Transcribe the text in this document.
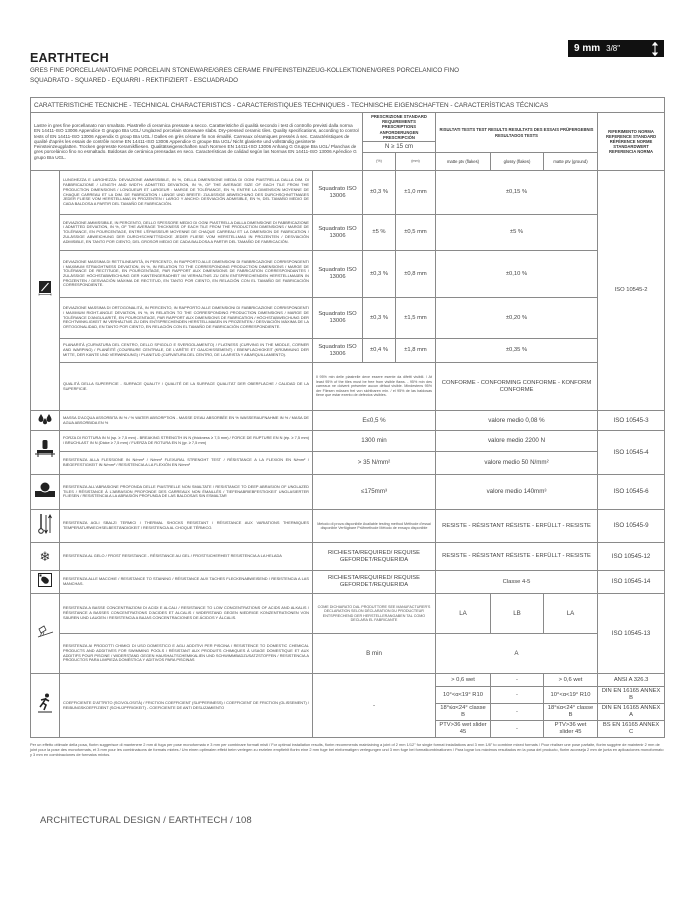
EARTHTECH
GRES FINE PORCELLANATO/FINE PORCELAIN STONEWARE/GRES CERAME FIN/FEINSTEINZEUG-KOLLEKTIONEN/GRES PORCELANICO FINO
SQUADRATO - SQUARED - EQUARRI - REKTIFIZIERT - ESCUADRADO
9 mm 3/8"
CARATTERISTICHE TECNICHE - TECHNICAL CHARACTERISTICS - CARACTERISTIQUES TECHNIQUES - TECHNISCHE EIGENSCHAFTEN - CARACTERÍSTICAS TÉCNICAS								
Lastre in gres fine porcellanato non smaltato. Piastrelle di ceramica pressate a secco. Caratteristiche di qualità secondo i test di controllo previsti dalla norma EN 14411-ISO 13006 Appendice G gruppo BIa UGL/ Unglazed porcelain stoneware slabs. Dry-pressed ceramic tiles. Quality specifications, according to control tests of EN 14411-ISO 13006 Appendix G group BIa UGL / Dalles en grès cérame fin non émaillé. Carreaux céramiques pressés à sec. Caractéristiques de qualité d'après les essais de contrôle norme EN 14411-ISO 13006 Appendice G groupe BIa UGL/ Nicht glasierte und vollständig gesinterte Feinsteinzeugplatten. Trocken gepresste Keramikfliesen. Qualitätseigenschaften nach Normen EN 14411-ISO 13006 Anhang G Gruppe BIa UGL/ Planchas de gres porcelánico fino no esmaltado. Baldosas de cerámica prensadas en seco. Características de calidad según las Normas EN 14411-ISO 13006 Apéndice G grupo BIa UGL.			PRESCRIZIONE STANDARD REQUIREMENTS PRESCRIPTIONS ANFORDERUNGEN PRESCRIPCIÓN		RISULTATI TESTS TEST RESULTS RESULTATS DES ESSAIS PRÜFERGEBNIS RESULTADOS TESTS			RIFERIMENTO NORMA REFERENCE STANDARD RÉFÉRENCE NORME STANDARDWERT REFERENCIA NORMA
			N ≥ 15 cm					
			(%)	(mm)	matte ptv (flakes)	glossy (flakes)	matte ptv (ground)	
	LUNGHEZZA E LARGHEZZA: DEVIAZIONE AMMISSIBILE, IN %, DELLA DIMENSIONE MEDIA DI OGNI PIASTRELLA DALLA DIM. DI FABBRICAZIONE / LENGTH AND WIDTH: ADMITTED DEVIATION, IN %, OF THE AVERAGE SIZE OF EACH TILE FROM THE PRODUCTION DIMENSIONS / LONGUEUR ET LARGEUR : MARGE DE TOLÉRANCE, EN %, ENTRE LA DIMENSION MOYENNE DE CHAQUE CARREAU ET LA DIM. DE FABRICATION / LÄNGE UND BREITE: ZULÄSSIGE ABWEICHUNG DES DURCHSCHNITTMAßES JEDER FLIESE VOM HERSTELLMAß IN PROZENTEN / LARGO Y ANCHO: DESVIACIÓN ADMISIBLE, EN %, DEL TAMAÑO MEDIO DE CADA BALDOSA A PARTIR DEL TAMAÑO DE FABRICACIÓN.	Squadrato ISO 13006	±0,3 %	±1,0 mm	±0,15 %			ISO 10545-2
	DEVIAZIONE AMMISSIBILE, IN PERCENTO, DELLO SPESSORE MEDIO DI OGNI PIASTRELLA DALLA DIMENSIONE DI FABBRICAZIONE / ADMITTED DEVIATION, IN %, OF THE AVERAGE THICKNESS OF EACH TILE FROM THE PRODUCTION DIMENSIONS / MARGE DE TOLÉRANCE, EN POURCENTAGE, ENTRE L'ÉPAISSEUR MOYENNE DE CHAQUE CARREAU ET LA DIMENSION DE FABRICATION / ZULÄSSIGE ABWEICHUNG DER DURCHSCHNITTSDICKE JEDER FLIESE VOM HERSTELLMAß IN PROZENTEN / DESVIACIÓN ADMISIBLE, EN TANTO POR CIENTO, DEL GROSOR MEDIO DE CADA BALDOSA A PARTIR DEL TAMAÑO DE FABRICACIÓN.	Squadrato ISO 13006	±5 %	±0,5 mm	±5 %			
	DEVIAZIONE MASSIMA DI RETTILINEARITÀ, IN PERCENTO, IN RAPPORTO ALLE DIMENSIONI DI FABBRICAZIONE CORRISPONDENTI / MAXIMUM STRAIGHTNESS DEVIATION, IN %, IN RELATION TO THE CORRESPONDING PRODUCTION DIMENSIONS / MARGE DE TOLÉRANCE DE RECTITUDE, EN POURCENTAGE, PAR RAPPORT AUX DIMENSIONS DE FABRICATION CORRESPONDANTES / ZULÄSSIGE HÖCHSTABWEICHUNG DER KANTENGERADHEIT IM VERHÄLTNIS ZU DEN ENTSPRECHENDEN HERSTELLMAßEN IN PROZENTEN / DESVIACIÓN MÁXIMA DE RECTITUD, EN TANTO POR CIENTO, EN RELACIÓN CON EL TAMAÑO DE FABRICACIÓN CORRESPONDIENTE.	Squadrato ISO 13006	±0,3 %	±0,8 mm	±0,10 %			
	DEVIAZIONE MASSIMA DI ORTOGONALITÀ, IN PERCENTO, IN RAPPORTO ALLE DIMENSIONI DI FABBRICAZIONE CORRISPONDENTI / MAXIMUM RIGHT-ANGLE DEVIATION, IN %, IN RELATION TO THE CORRESPONDING PRODUCTION DIMENSIONS / MARGE DE TOLÉRANCE D'ANGULARITÉ, EN POURCENTAGE, PAR RAPPORT AUX DIMENSIONS DE FABRICATION / HÖCHSTABWEICHUNG DER RECHTWINKLIGKEIT IM VERHÄLTNIS ZU DEN ENTSPRECHENDEN HERSTELLMAßEN IN PROZENTEN / DESVIACIÓN MÁXIMA DE LA ORTOGONALIDAD, EN TANTO POR CIENTO, EN RELACIÓN CON EL TAMAÑO DE FABRICACIÓN CORRESPONDIENTE.	Squadrato ISO 13006	±0,3 %	±1,5 mm	±0,20 %			
	PLANARITÀ (CURVATURA DEL CENTRO, DELLO SPIGOLO E SVERGOLAMENTO) / FLATNESS (CURVING IN THE MIDDLE, CORNER AND WARPING) / PLANÉITÉ (COURBURE CENTRALE, DE L'ARÊTE ET GAUCHISSEMENT) / EBENFLÄCHIGKEIT (KRÜMMUNG DER MITTE, DER KANTE UND VERWINDUNG) / PLANITUD (CURVATURA DEL CENTRO, DE LA ARISTA Y ABARQUILLAMIENTO).	Squadrato ISO 13006	±0,4 %	±1,8 mm	±0,35 %			
	QUALITÀ DELLA SUPERFICIE - SURFACE QUALITY / QUALITÉ DE LA SURFACE QUALITÄT DER OBERFLÄCHE / CALIDAD DE LA SUPERFICIE.	Il 95% min delle piastrelle deve essere esente da difetti visibili. / At least 95% of the tiles must be free from visible flaws. - 95% min des carreaux ne doivent présenter aucun défaut visible. Mindestens 95% der Fliesen müssen frei von sichtbaren min. / el 95% de las baldosas tiene que estar exento de defectos visibles.			CONFORME - CONFORMING CONFORME - KONFORM CONFORME			
	MASSA D'ACQUA ASSORBITA IN % / % WATER ABSORPTION - MASSE D'EAU ABSORBÉE EN % WASSERAUFNAHME IN % / MASA DE AGUA ABSORBIDA EN %	E≤0,5 %			valore medio 0,08 %			ISO 10545-3
	FORZA DI ROTTURA IN N (sp. ≥ 7,5 mm) - BREAKING STRENGTH IN N (thickness ≥ 7,5 mm) / FORCE DE RUPTURE EN N (ép. ≥ 7,5 mm) / BRUCHLAST IN N (Dicke ≥ 7,5 mm) / FUERZA DE ROTURA EN N (gr. ≥ 7,5 mm)	1300 min			valore medio 2200 N			ISO 10545-4
	RESISTENZA ALLA FLESSIONE IN N/mm² / N/mm² FLEXURAL STRENGHT TEST / RÉSISTANCE A LA FLEXION EN N/mm² / BIEGEFESTIGKEIT IN N/mm² / RESISTENCIA A LA FLEXIÓN EN N/mm²	> 35 N/mm²			valore medio 50 N/mm²			
	RESISTENZA ALL'ABRASIONE PROFONDA DELLE PIASTRELLE NON SMALTATE / RESISTANCE TO DEEP ABRASION OF UNGLAZED TILES / RÉSISTANCE À L'ABRASION PROFONDE DES CARREAUX NON ÉMAILLÉS / TIEFENABRIEBFESTIGKEIT UNGLASIERTER FLIESEN / RESISTENCIA A LA ABRASIÓN PROFUNDA DE LAS BALDOSAS SIN ESMALTAR	≤175mm³			valore medio 140mm³			ISO 10545-6
	RESISTENZA AGLI SBALZI TERMICI / THERMAL SHOCKS RESISTANT / RÉSISTANCE AUX VARIATIONS THERMIQUES TEMPERATURWECHSELBESTÄNDIGKEIT / RESISTENCIA AL CHOQUE TÉRMICO.	Metodo di prova disponibile Available testing method Méthode d'essai disponible Verfügbare Prüfmethode Método de ensayo disponible			RESISTE - RÉSISTANT RÉSISTE - ERFÜLLT - RESISTE			ISO 10545-9
❄	RESISTENZA AL GELO / FROST RESISTANCE - RÉSISTANCE AU GEL / FROSTSICHERHEIT RESISTENCIA A LA HELADA	RICHIESTA/REQUIRED/ REQUISE GEFORDET/REQUERIDA			RESISTE - RÉSISTANT RÉSISTE - ERFÜLLT - RESISTE			ISO 10545-12
	RESISTENZA ALLE MACCHIE / RESISTANCE TO STAINING / RÉSISTANCE AUX TACHES FLECKENABWEISEND / RESISTENCIA A LAS MANCHAS.	RICHIESTA/REQUIRED/ REQUISE GEFORDET/REQUERIDA			Classe 4-5			ISO 10545-14
	RESISTENZA A BASSE CONCENTRAZIONI DI ACIDI E ALCALI / RESISTANCE TO LOW CONCENTRATIONS OF ACIDS AND ALKALIS / RÉSISTANCE A BASSES CONCENTRATIONS D'ACIDES ET ALCALIS / WIDERSTAND GEGEN NIEDRIGE KONZENTRATIONEN VON SÄUREN UND LAUGEN / RESISTENCIA A BAJAS CONCENTRACIONES DE ÁCIDOS Y ÁLCALIS.	COME DICHIARATO DAL PRODUTTORE SEE MANUFACTURER'S DECLARATION SELON DÉCLARATION DU PRODUCTEUR ENTSPRECHEND DER HERSTELLERANGABEN TAL COMO DECLARA EL FABRICANTE			LA	LB	LA	ISO 10545-13
	RESISTENZA AI PRODOTTI CHIMICI DI USO DOMESTICO E AGLI ADDITIVI PER PISCINA / RESISTENCE TO DOMESTIC CHEMICAL PRODUCTS AND ADDITIVES FOR SWIMMING POOLS / RÉSISTANT AUX PRODUITS CHIMIQUES À USAGE DOMESTIQUE ET AUX ADDITIFS POUR PISCINE / WIDERSTAND GEGEN HAUSHALTSCHEMIKALIEN UND SCHWIMMBADZUSATZSTOFFEN / RESISTENCIA A PRODUCTOS PARA LIMPIEZA DOMÉSTICA Y ADITIVOS PARA PISCINAS	B min			A			
	COEFFICIENTE D'ATTRITO (SCIVOLOSITÀ) / FRICTION COEFFICIENT (SLIPPERINESS) / COEFFICIENT DE FRICTION (GLISSEMENT) / REIBUNGSKOEFFIZIENT (SCHLÜPFRIGKEIT) - COEFICIENTE DE ANTI DESLIZAMIENTO	-			> 0,6 wet	-	> 0,6 wet	ANSI A 326.3
					10°<α<19° R10	-	10°<α<19° R10	DIN EN 16165 ANNEX B
					18°≤α<24° classe B	-	18°≤α<24° classe B	DIN EN 16165 ANNEX A
					PTV>36 wet slider 45	-	PTV>36 wet slider 45	BS EN 16165 ANNEX C
Per un effetto ottimale della posa, florim suggerisce di mantenere 2 mm di fuga per pose monoformato e 3 mm per combinare formati misti / For optimal installation results, florim recommends maintaining a joint of 2 mm 1/12" for single format installations and 3 mm 1/8" to combine mixed formats / Pour réaliser une pose parfaite, florim suggère de maintenir 2 mm de joint pour la pose des monoformats, et 3 mm pour les combinaisons de formats mixtes / Um einen optimalen effekt beim verlegen zu erzielen empfiehlt florim eine 2 mm fuge bei einformatigen verlegungen und 3 mm fuge bei formatkombinationen / Para lograr los máximos resultados en la posa del producto, florim aconseja 2 mm de junta en aplicaciones monoformato y 3 mm en combinaciones de formatos mixtos.
ARCHITECTURAL DESIGN / EARTHTECH / 108
